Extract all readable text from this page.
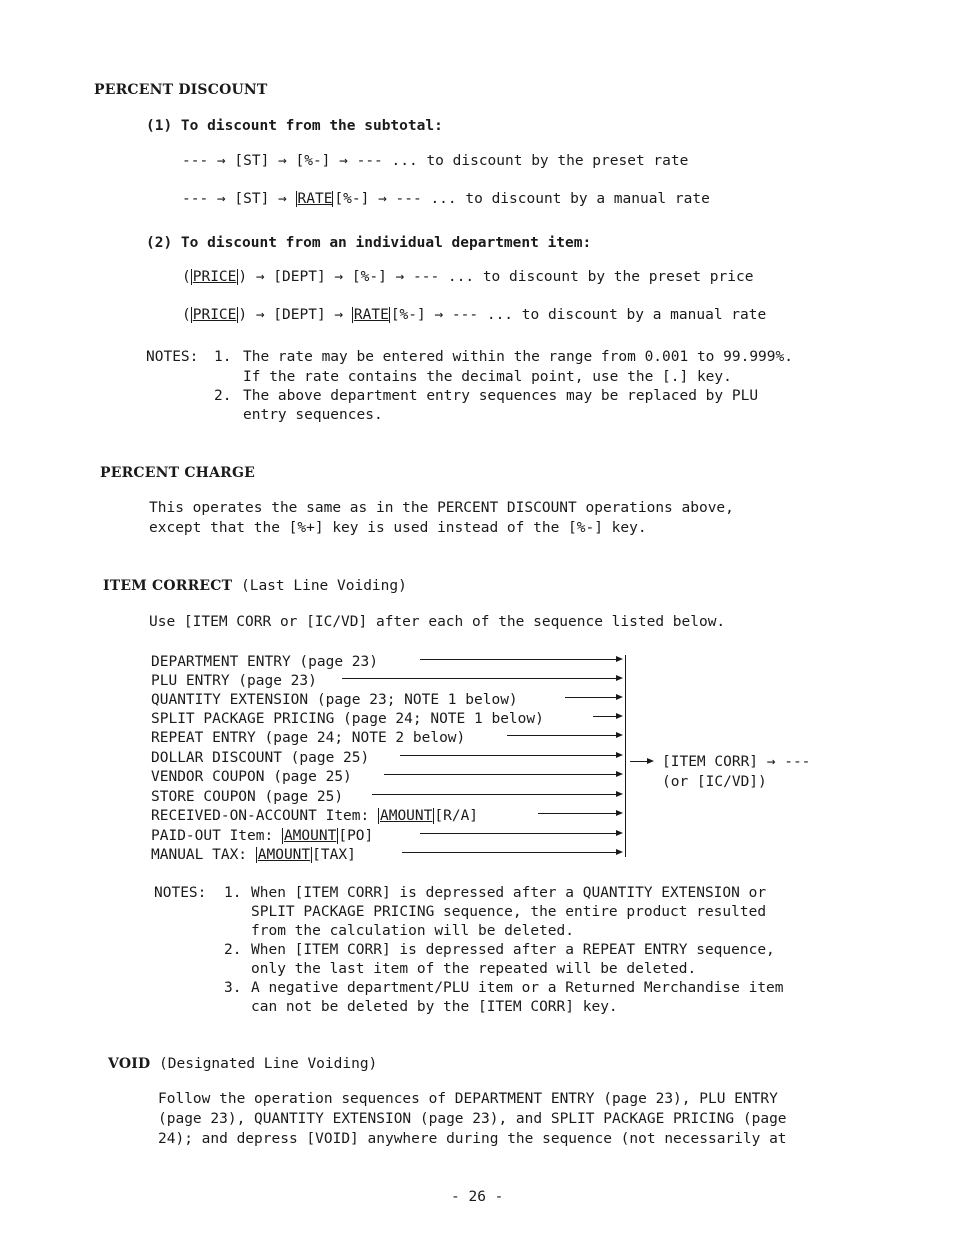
PERCENT DISCOUNT
(1) To discount from the subtotal:
--- → [ST] → [%-] → --- ... to discount by the preset rate
--- → [ST] → RATE [%-] → --- ... to discount by a manual rate
(2) To discount from an individual department item:
( PRICE ) → [DEPT] → [%-] → --- ... to discount by the preset price
( PRICE ) → [DEPT] → RATE [%-] → --- ... to discount by a manual rate
NOTES: 1. The rate may be entered within the range from 0.001 to 99.999%.
If the rate contains the decimal point, use the [.] key.
2. The above department entry sequences may be replaced by PLU
entry sequences.
PERCENT CHARGE
This operates the same as in the PERCENT DISCOUNT operations above,
except that the [%+] key is used instead of the [%-] key.
ITEM CORRECT (Last Line Voiding)
Use [ITEM CORR or [IC/VD] after each of the sequence listed below.
DEPARTMENT ENTRY (page 23)
PLU ENTRY (page 23)
QUANTITY EXTENSION (page 23; NOTE 1 below)
SPLIT PACKAGE PRICING (page 24; NOTE 1 below)
REPEAT ENTRY (page 24; NOTE 2 below)
DOLLAR DISCOUNT (page 25)
VENDOR COUPON (page 25)
STORE COUPON (page 25)
RECEIVED-ON-ACCOUNT Item: AMOUNT [R/A]
PAID-OUT Item: AMOUNT [PO]
MANUAL TAX: AMOUNT [TAX]
[ITEM CORR] → ---
(or [IC/VD])
NOTES: 1. When [ITEM CORR] is depressed after a QUANTITY EXTENSION or
SPLIT PACKAGE PRICING sequence, the entire product resulted
from the calculation will be deleted.
2. When [ITEM CORR] is depressed after a REPEAT ENTRY sequence,
only the last item of the repeated will be deleted.
3. A negative department/PLU item or a Returned Merchandise item
can not be deleted by the [ITEM CORR] key.
VOID (Designated Line Voiding)
Follow the operation sequences of DEPARTMENT ENTRY (page 23), PLU ENTRY
(page 23), QUANTITY EXTENSION (page 23), and SPLIT PACKAGE PRICING (page
24); and depress [VOID] anywhere during the sequence (not necessarily at
- 26 -
